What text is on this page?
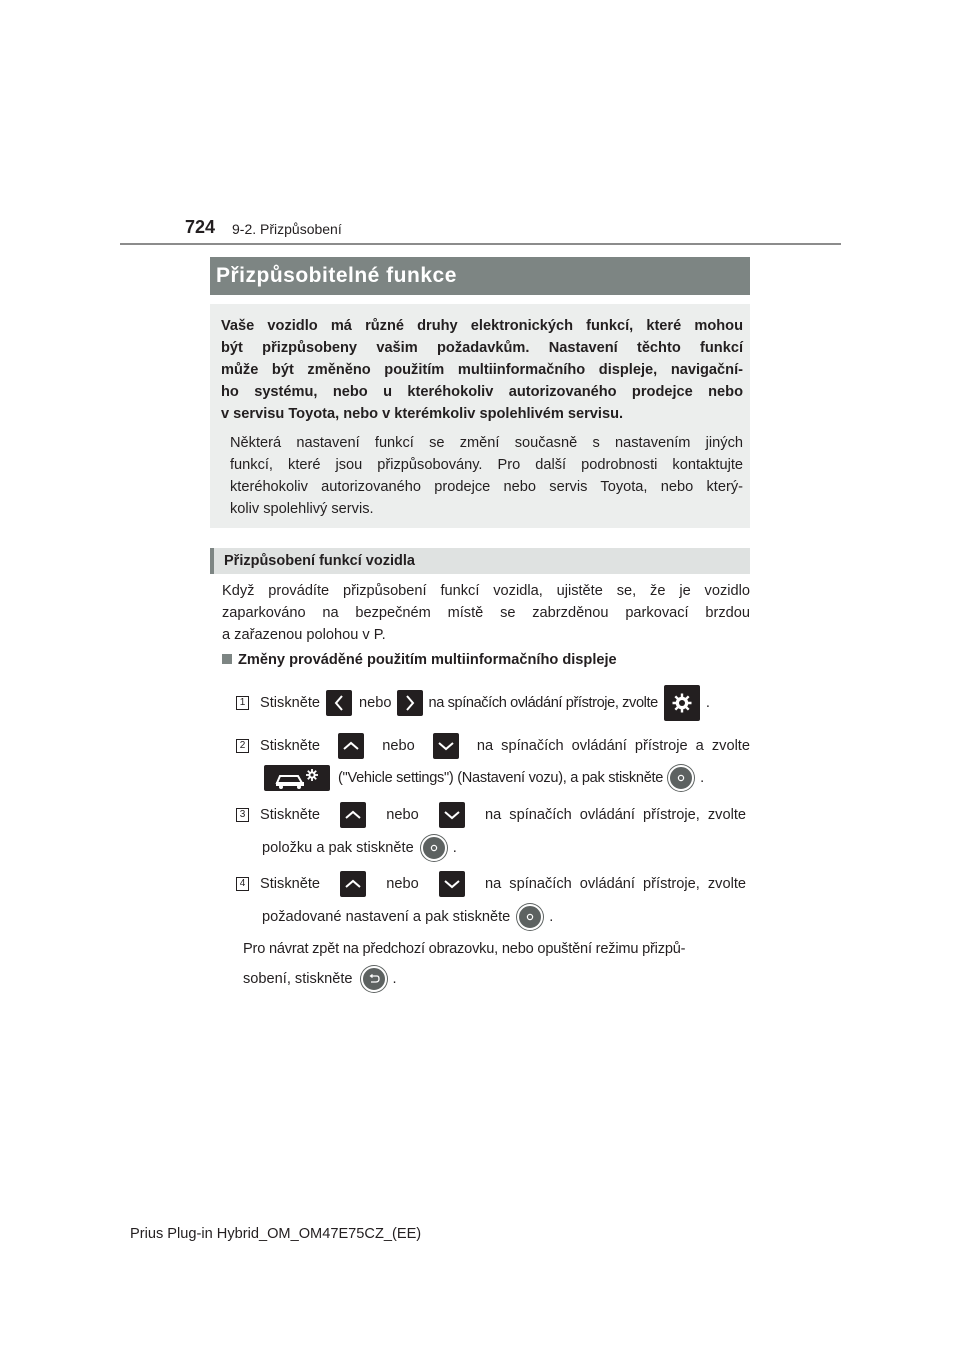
724 9-2. Přizpůsobení
Přizpůsobitelné funkce
Vaše vozidlo má různé druhy elektronických funkcí, které mohou
být přizpůsobeny vašim požadavkům. Nastavení těchto funkcí
může být změněno použitím multiinformačního displeje, navigační-
ho systému, nebo u kteréhokoliv autorizovaného prodejce nebo
v servisu Toyota, nebo v kterémkoliv spolehlivém servisu.
Některá nastavení funkcí se změní současně s nastavením jiných
funkcí, které jsou přizpůsobovány. Pro další podrobnosti kontaktujte
kteréhokoliv autorizovaného prodejce nebo servis Toyota, nebo který-
koliv spolehlivý servis.
Přizpůsobení funkcí vozidla
Když provádíte přizpůsobení funkcí vozidla, ujistěte se, že je vozidlo
zaparkováno na bezpečném místě se zabrzděnou parkovací brzdou
a zařazenou polohou v P.
Změny prováděné použitím multiinformačního displeje
1 Stiskněte	nebo	na spínačích ovládání přístroje, zvolte	.
2 Stiskněte	nebo	na spínačích ovládání přístroje a zvolte
("Vehicle settings") (Nastavení vozu), a pak stiskněte	.
3 Stiskněte	nebo	na spínačích ovládání přístroje, zvolte
položku a pak stiskněte	.
4 Stiskněte	nebo	na spínačích ovládání přístroje, zvolte
požadované nastavení a pak stiskněte	.
Pro návrat zpět na předchozí obrazovku, nebo opuštění režimu přizpů-
sobení, stiskněte	.
Prius Plug-in Hybrid_OM_OM47E75CZ_(EE)
